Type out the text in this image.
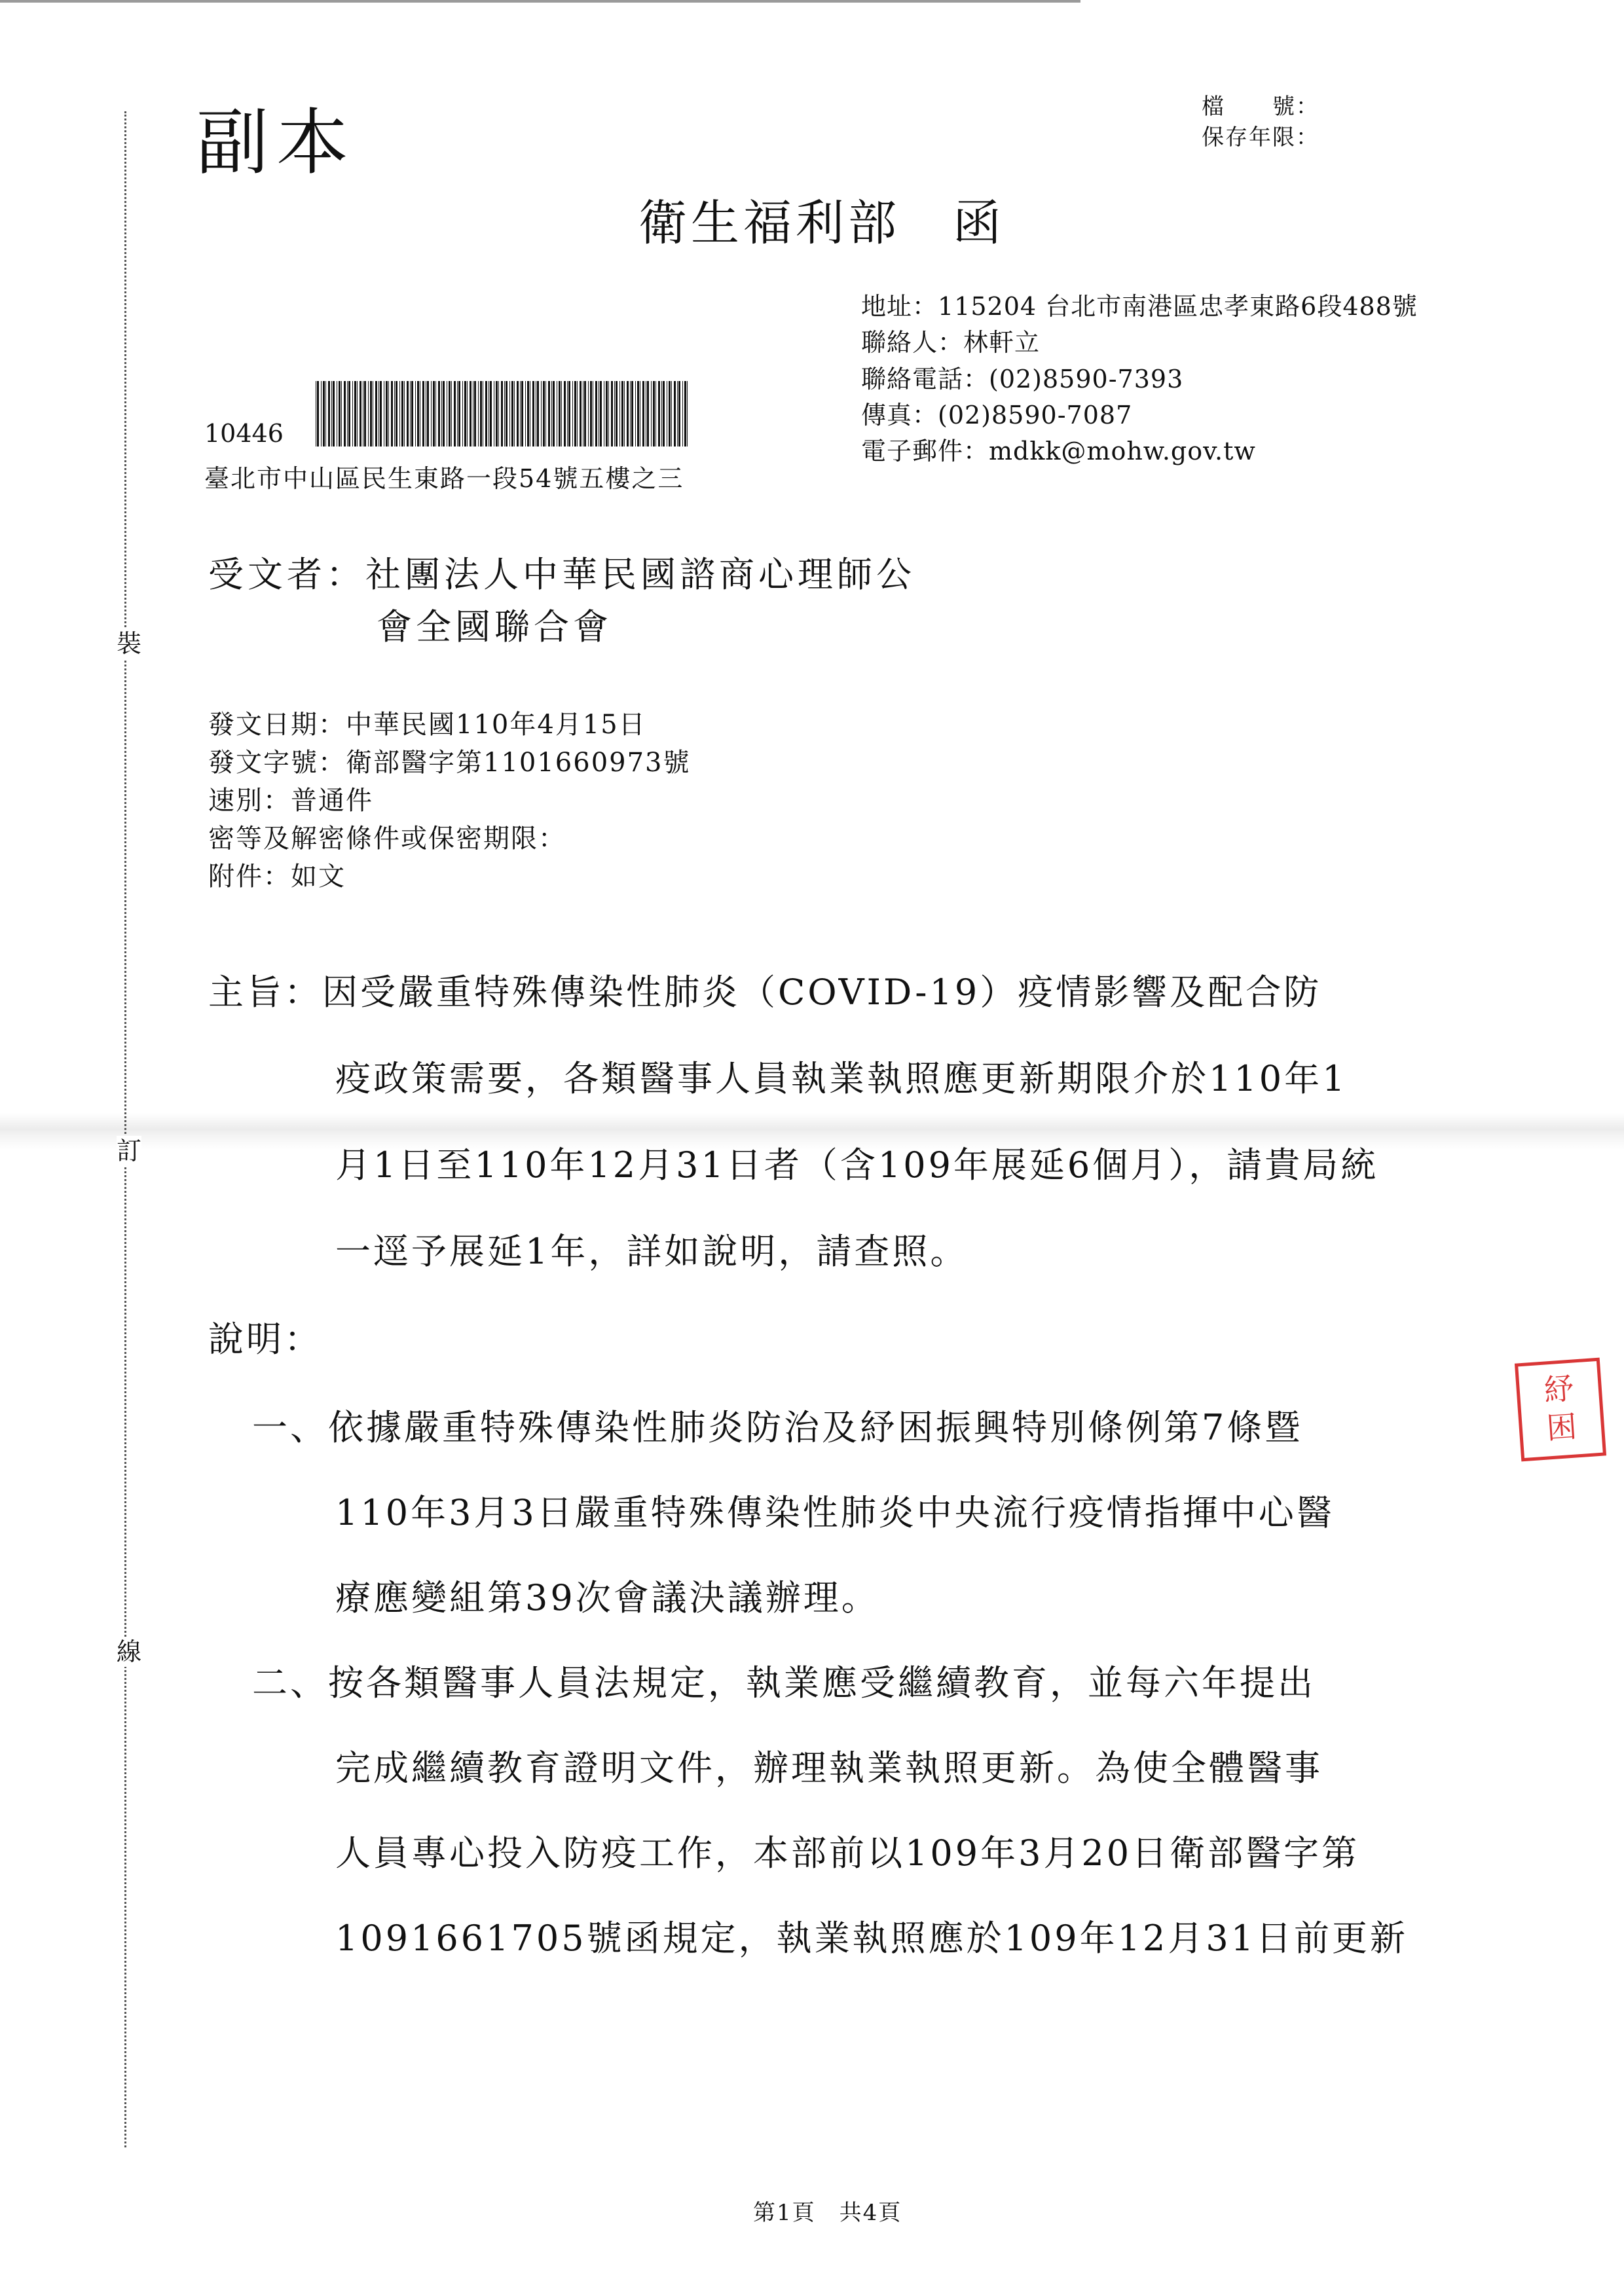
裝
訂
線
副本	檔　　號：
保存年限：
衛生福利部 函
地址：115204 台北市南港區忠孝東路6段488號
聯絡人：林軒立
聯絡電話：(02)8590-7393
傳真：(02)8590-7087
電子郵件：mdkk@mohw.gov.tw
10446
臺北市中山區民生東路一段54號五樓之三
受文者：社團法人中華民國諮商心理師公
會全國聯合會
發文日期：中華民國110年4月15日
發文字號：衛部醫字第1101660973號
速別：普通件
密等及解密條件或保密期限：
附件：如文
主旨：因受嚴重特殊傳染性肺炎（COVID-19）疫情影響及配合防
疫政策需要，各類醫事人員執業執照應更新期限介於110年1
月1日至110年12月31日者（含109年展延6個月），請貴局統
一逕予展延1年，詳如說明，請查照。
說明：
一、依據嚴重特殊傳染性肺炎防治及紓困振興特別條例第7條暨
110年3月3日嚴重特殊傳染性肺炎中央流行疫情指揮中心醫
療應變組第39次會議決議辦理。
二、按各類醫事人員法規定，執業應受繼續教育，並每六年提出
完成繼續教育證明文件，辦理執業執照更新。為使全體醫事
人員專心投入防疫工作，本部前以109年3月20日衛部醫字第
1091661705號函規定，執業執照應於109年12月31日前更新
紓
困
第1頁　共4頁
